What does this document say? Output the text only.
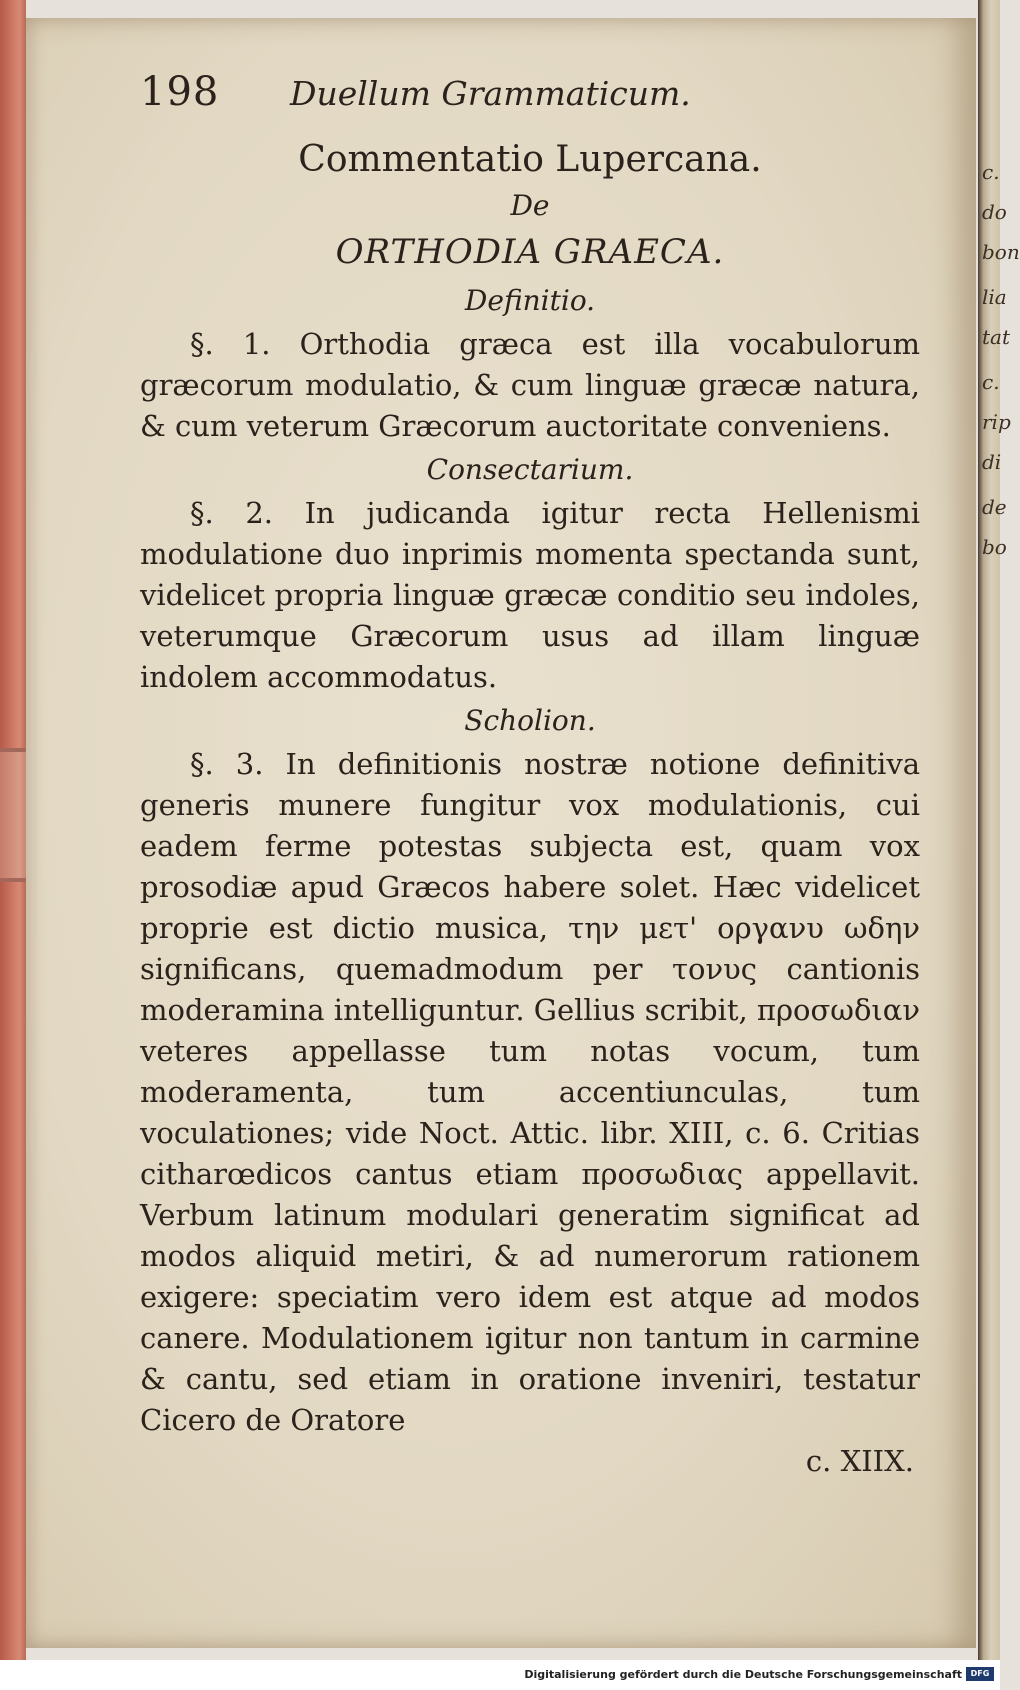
c.
do
bon
lia
tat
c.
rip
di
de
bo
198	Duellum Grammaticum.
Commentatio Lupercana.
De
ORTHODIA GRAECA.
Definitio.

§. 1. Orthodia græca est illa vocabulorum græcorum modulatio, & cum linguæ græcæ natura, & cum veterum Græcorum auctoritate conveniens.

Consectarium.

§. 2. In judicanda igitur recta Hellenismi modulatione duo inprimis momenta spectanda sunt, videlicet propria linguæ græcæ conditio seu indoles, veterumque Græcorum usus ad illam linguæ indolem accommodatus.

Scholion.

§. 3. In definitionis nostræ notione definitiva generis munere fungitur vox modulationis, cui eadem ferme potestas subjecta est, quam vox prosodiæ apud Græcos habere solet. Hæc videlicet proprie est dictio musica, την μετ' οργανυ ωδην significans, quemadmodum per τονυς cantionis moderamina intelliguntur. Gellius scribit, προσωδιαν veteres appellasse tum notas vocum, tum moderamenta, tum accentiunculas, tum voculationes; vide Noct. Attic. libr. XIII, c. 6. Critias citharœdicos cantus etiam προσωδιας appellavit. Verbum latinum modulari generatim significat ad modos aliquid metiri, & ad numerorum rationem exigere: speciatim vero idem est atque ad modos canere. Modulationem igitur non tantum in carmine & cantu, sed etiam in oratione inveniri, testatur Cicero de Oratore

c. XIIX.
Digitalisierung gefördert durch die Deutsche Forschungsgemeinschaft	DFG
